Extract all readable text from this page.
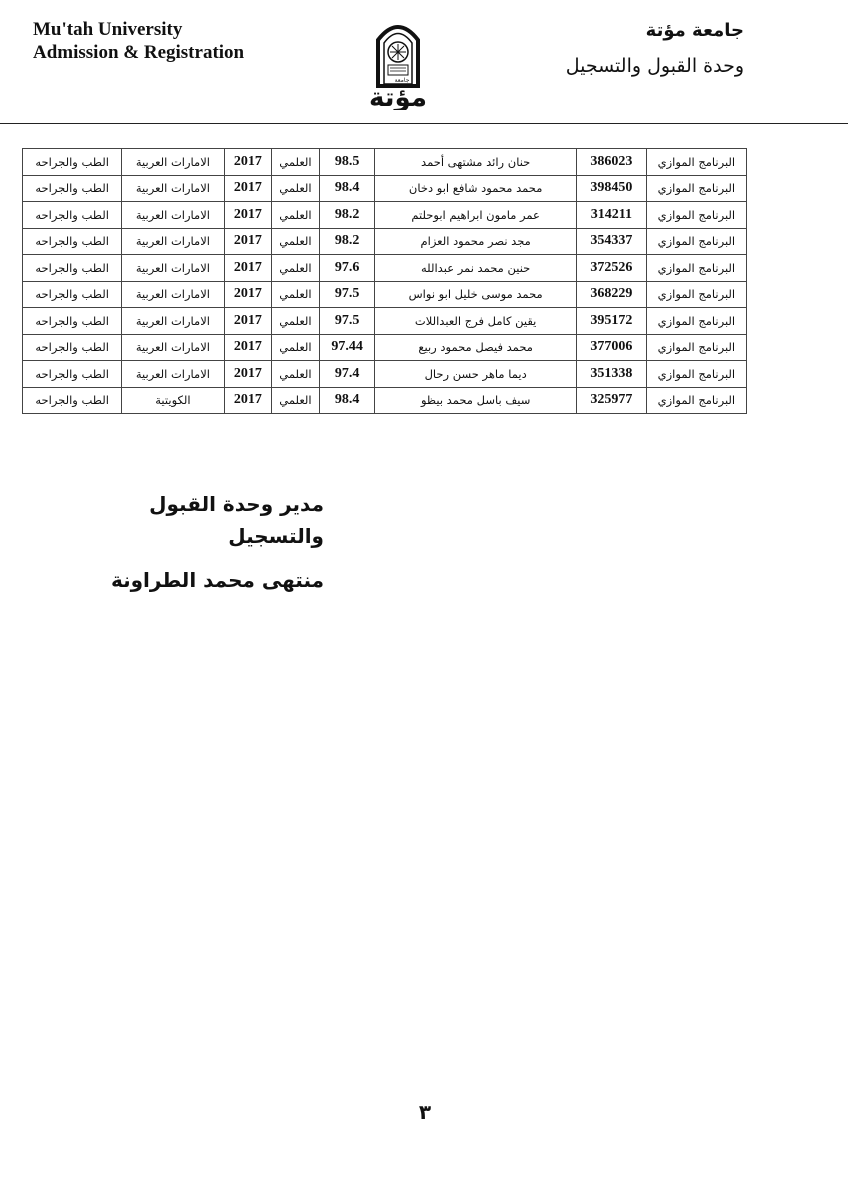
Mu'tah University
Admission & Registration
جامعة
مؤتة
جامعة مؤتة
وحدة القبول والتسجيل
البرنامج الموازي	386023	حنان رائد مشتهى أحمد	98.5	العلمي	2017	الامارات العربية	الطب والجراحه
البرنامج الموازي	398450	محمد محمود شافع ابو دخان	98.4	العلمي	2017	الامارات العربية	الطب والجراحه
البرنامج الموازي	314211	عمر مامون ابراهيم ابوحلتم	98.2	العلمي	2017	الامارات العربية	الطب والجراحه
البرنامج الموازي	354337	مجد نصر محمود العزام	98.2	العلمي	2017	الامارات العربية	الطب والجراحه
البرنامج الموازي	372526	حنين محمد نمر عبدالله	97.6	العلمي	2017	الامارات العربية	الطب والجراحه
البرنامج الموازي	368229	محمد موسى خليل ابو نواس	97.5	العلمي	2017	الامارات العربية	الطب والجراحه
البرنامج الموازي	395172	يقين كامل فرج العبداللات	97.5	العلمي	2017	الامارات العربية	الطب والجراحه
البرنامج الموازي	377006	محمد فيصل محمود ربيع	97.44	العلمي	2017	الامارات العربية	الطب والجراحه
البرنامج الموازي	351338	ديما ماهر حسن رحال	97.4	العلمي	2017	الامارات العربية	الطب والجراحه
البرنامج الموازي	325977	سيف باسل محمد بيظو	98.4	العلمي	2017	الكويتية	الطب والجراحه
مدير وحدة القبول والتسجيل
منتهى محمد الطراونة
٣
